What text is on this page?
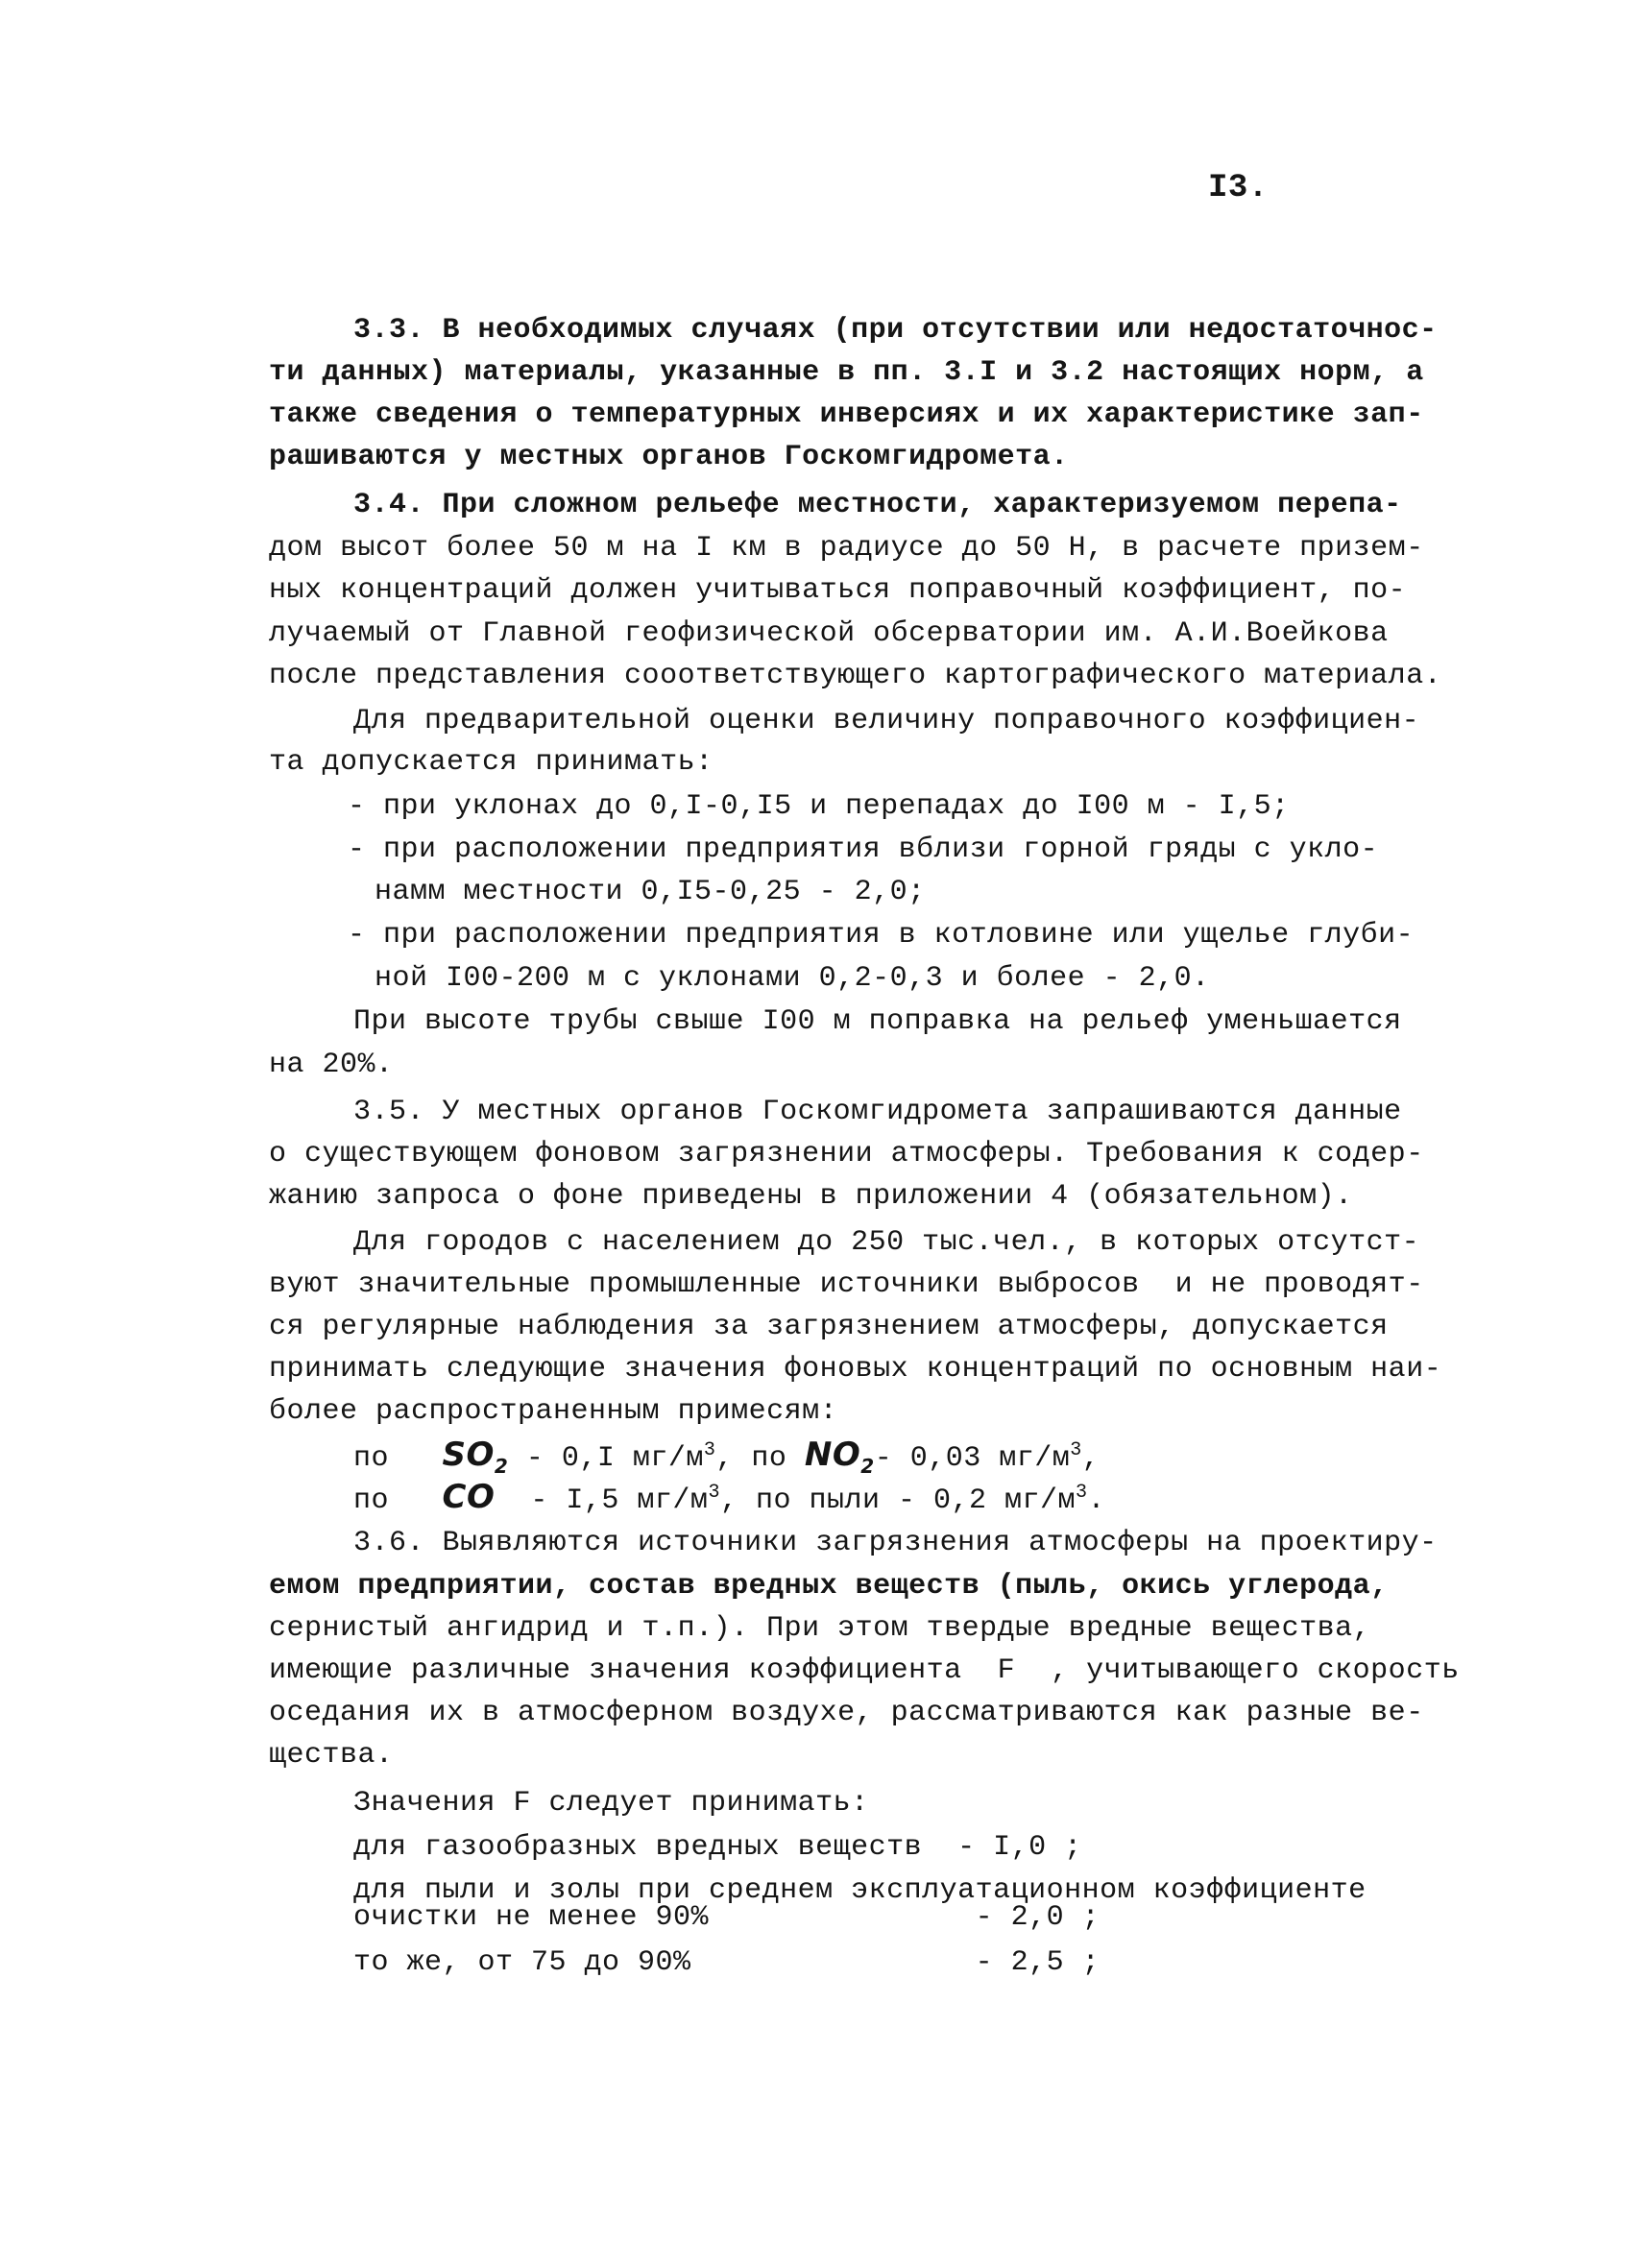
I3.
3.3. В необходимых случаях (при отсутствии или недостаточнос-
ти данных) материалы, указанные в пп. 3.I и 3.2 настоящих норм, а
также сведения о температурных инверсиях и их характеристике зап-
рашиваются у местных органов Госкомгидромета.
3.4. При сложном рельефе местности, характеризуемом перепа-
дом высот более 50 м на I км в радиусе до 50 Н, в расчете призем-
ных концентраций должен учитываться поправочный коэффициент, по-
лучаемый от Главной геофизической обсерватории им. А.И.Воейкова
после представления сооответствующего картографического материала.
Для предварительной оценки величину поправочного коэффициен-
та допускается принимать:
- при уклонах до 0,I-0,I5 и перепадах до I00 м - I,5;
- при расположении предприятия вблизи горной гряды с укло-
намм местности 0,I5-0,25 - 2,0;
- при расположении предприятия в котловине или ущелье глуби-
ной I00-200 м с уклонами 0,2-0,3 и более - 2,0.
При высоте трубы свыше I00 м поправка на рельеф уменьшается
на 20%.
3.5. У местных органов Госкомгидромета запрашиваются данные
о существующем фоновом загрязнении атмосферы. Требования к содер-
жанию запроса о фоне приведены в приложении 4 (обязательном).
Для городов с населением до 250 тыс.чел., в которых отсутст-
вуют значительные промышленные источники выбросов  и не проводят-
ся регулярные наблюдения за загрязнением атмосферы, допускается
принимать следующие значения фоновых концентраций по основным наи-
более распространенным примесям:
по $SO_2 - 0,I$ $мг/м^3$, по $NO_2-$ 0,03 $мг/м^3$,
по CO  - I,5 $мг/м^3$, по пыли - 0,2 $мг/м^3$.
3.6. Выявляются источники загрязнения атмосферы на проектиру-
емом предприятии, состав вредных веществ (пыль, окись углерода,
сернистый ангидрид и т.п.). При этом твердые вредные вещества,
имеющие различные значения коэффициента  F  , учитывающего скорость
оседания их в атмосферном воздухе, рассматриваются как разные ве-
щества.
Значения F следует принимать:
для газообразных вредных веществ  - I,0 ;
для пыли и золы при среднем эксплуатационном коэффициенте
очистки не менее 90%               - 2,0 ;
то же, от 75 до 90%                - 2,5 ;
